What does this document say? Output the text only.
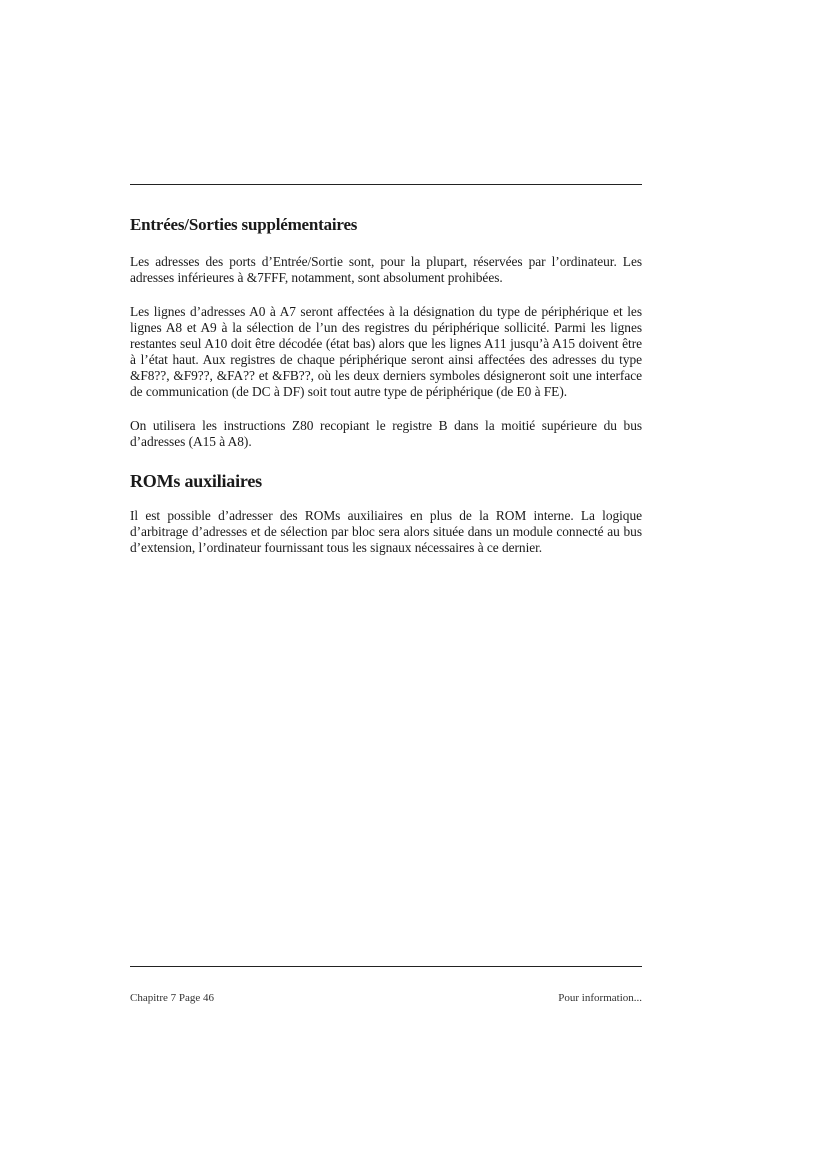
Entrées/Sorties supplémentaires

Les adresses des ports d’Entrée/Sortie sont, pour la plupart, réservées par l’ordinateur. Les adresses inférieures à &7FFF, notamment, sont absolument prohibées.

Les lignes d’adresses A0 à A7 seront affectées à la désignation du type de périphérique et les lignes A8 et A9 à la sélection de l’un des registres du périphérique sollicité. Parmi les lignes restantes seul A10 doit être décodée (état bas) alors que les lignes A11 jusqu’à A15 doivent être à l’état haut. Aux registres de chaque périphérique seront ainsi affectées des adresses du type &F8??, &F9??, &FA?? et &FB??, où les deux derniers symboles désigneront soit une interface de communication (de DC à DF) soit tout autre type de périphérique (de E0 à FE).

On utilisera les instructions Z80 recopiant le registre B dans la moitié supérieure du bus d’adresses (A15 à A8).

ROMs auxiliaires

Il est possible d’adresser des ROMs auxiliaires en plus de la ROM interne. La logique d’arbitrage d’adresses et de sélection par bloc sera alors située dans un module connecté au bus d’extension, l’ordinateur fournissant tous les signaux nécessaires à ce dernier.

Chapitre 7 Page 46	Pour information...
